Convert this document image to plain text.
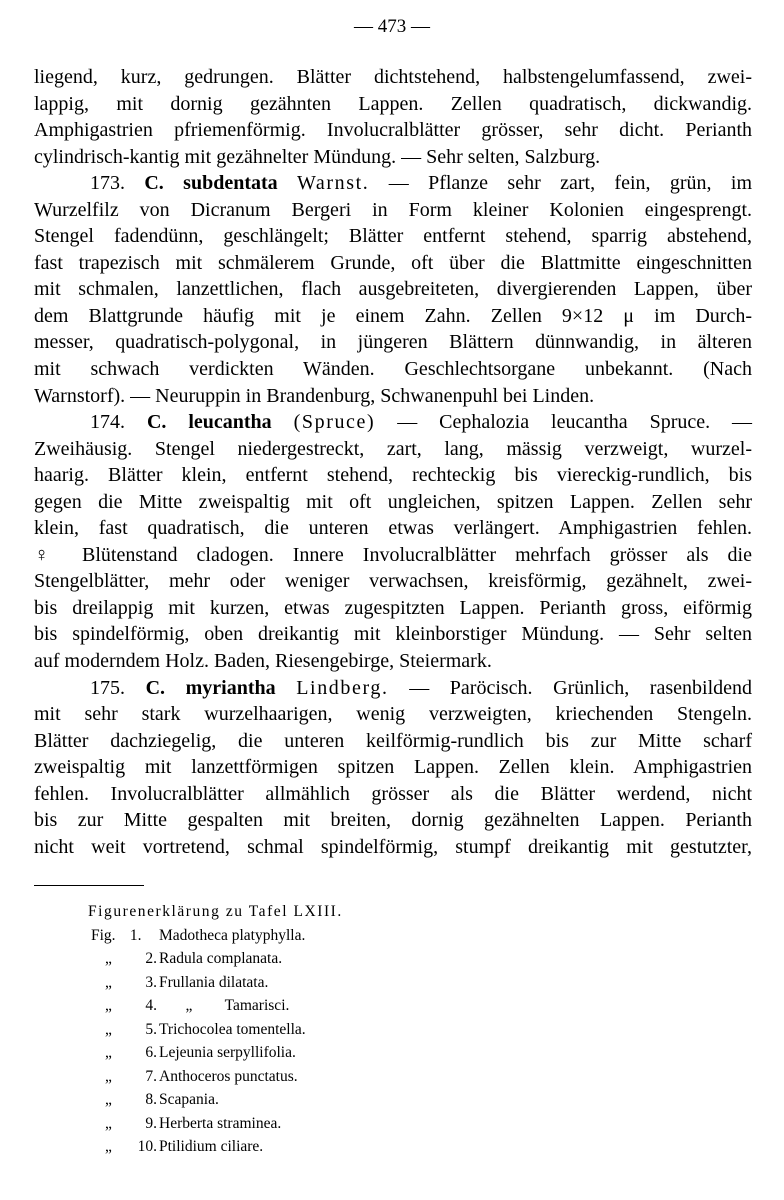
— 473 —
liegend, kurz, gedrungen. Blätter dichtstehend, halbstengelumfassend, zwei-
lappig, mit dornig gezähnten Lappen. Zellen quadratisch, dickwandig.
Amphigastrien pfriemenförmig. Involucralblätter grösser, sehr dicht. Perianth
cylindrisch-kantig mit gezähnelter Mündung. — Sehr selten, Salzburg.
173. C. subdentata Warnst. — Pflanze sehr zart, fein, grün, im
Wurzelfilz von Dicranum Bergeri in Form kleiner Kolonien eingesprengt.
Stengel fadendünn, geschlängelt; Blätter entfernt stehend, sparrig abstehend,
fast trapezisch mit schmälerem Grunde, oft über die Blattmitte eingeschnitten
mit schmalen, lanzettlichen, flach ausgebreiteten, divergierenden Lappen, über
dem Blattgrunde häufig mit je einem Zahn. Zellen 9×12 μ im Durch-
messer, quadratisch-polygonal, in jüngeren Blättern dünnwandig, in älteren
mit schwach verdickten Wänden. Geschlechtsorgane unbekannt. (Nach
Warnstorf). — Neuruppin in Brandenburg, Schwanenpuhl bei Linden.
174. C. leucantha (Spruce) — Cephalozia leucantha Spruce. —
Zweihäusig. Stengel niedergestreckt, zart, lang, mässig verzweigt, wurzel-
haarig. Blätter klein, entfernt stehend, rechteckig bis viereckig-rundlich, bis
gegen die Mitte zweispaltig mit oft ungleichen, spitzen Lappen. Zellen sehr
klein, fast quadratisch, die unteren etwas verlängert. Amphigastrien fehlen.
♀ Blütenstand cladogen. Innere Involucralblätter mehrfach grösser als die
Stengelblätter, mehr oder weniger verwachsen, kreisförmig, gezähnelt, zwei-
bis dreilappig mit kurzen, etwas zugespitzten Lappen. Perianth gross, eiförmig
bis spindelförmig, oben dreikantig mit kleinborstiger Mündung. — Sehr selten
auf moderndem Holz. Baden, Riesengebirge, Steiermark.
175. C. myriantha Lindberg. — Paröcisch. Grünlich, rasenbildend
mit sehr stark wurzelhaarigen, wenig verzweigten, kriechenden Stengeln.
Blätter dachziegelig, die unteren keilförmig-rundlich bis zur Mitte scharf
zweispaltig mit lanzettförmigen spitzen Lappen. Zellen klein. Amphigastrien
fehlen. Involucralblätter allmählich grösser als die Blätter werdend, nicht
bis zur Mitte gespalten mit breiten, dornig gezähnelten Lappen. Perianth
nicht weit vortretend, schmal spindelförmig, stumpf dreikantig mit gestutzter,
Figurenerklärung zu Tafel LXIII.
Fig. 1.	Madotheca platyphylla.
„ 2. Radula complanata.
„ 3. Frullania dilatata.
„ 4.	„ Tamarisci.
„ 5. Trichocolea tomentella.
„ 6. Lejeunia serpyllifolia.
„ 7. Anthoceros punctatus.
„ 8. Scapania.
„ 9. Herberta straminea.
„ 10. Ptilidium ciliare.
